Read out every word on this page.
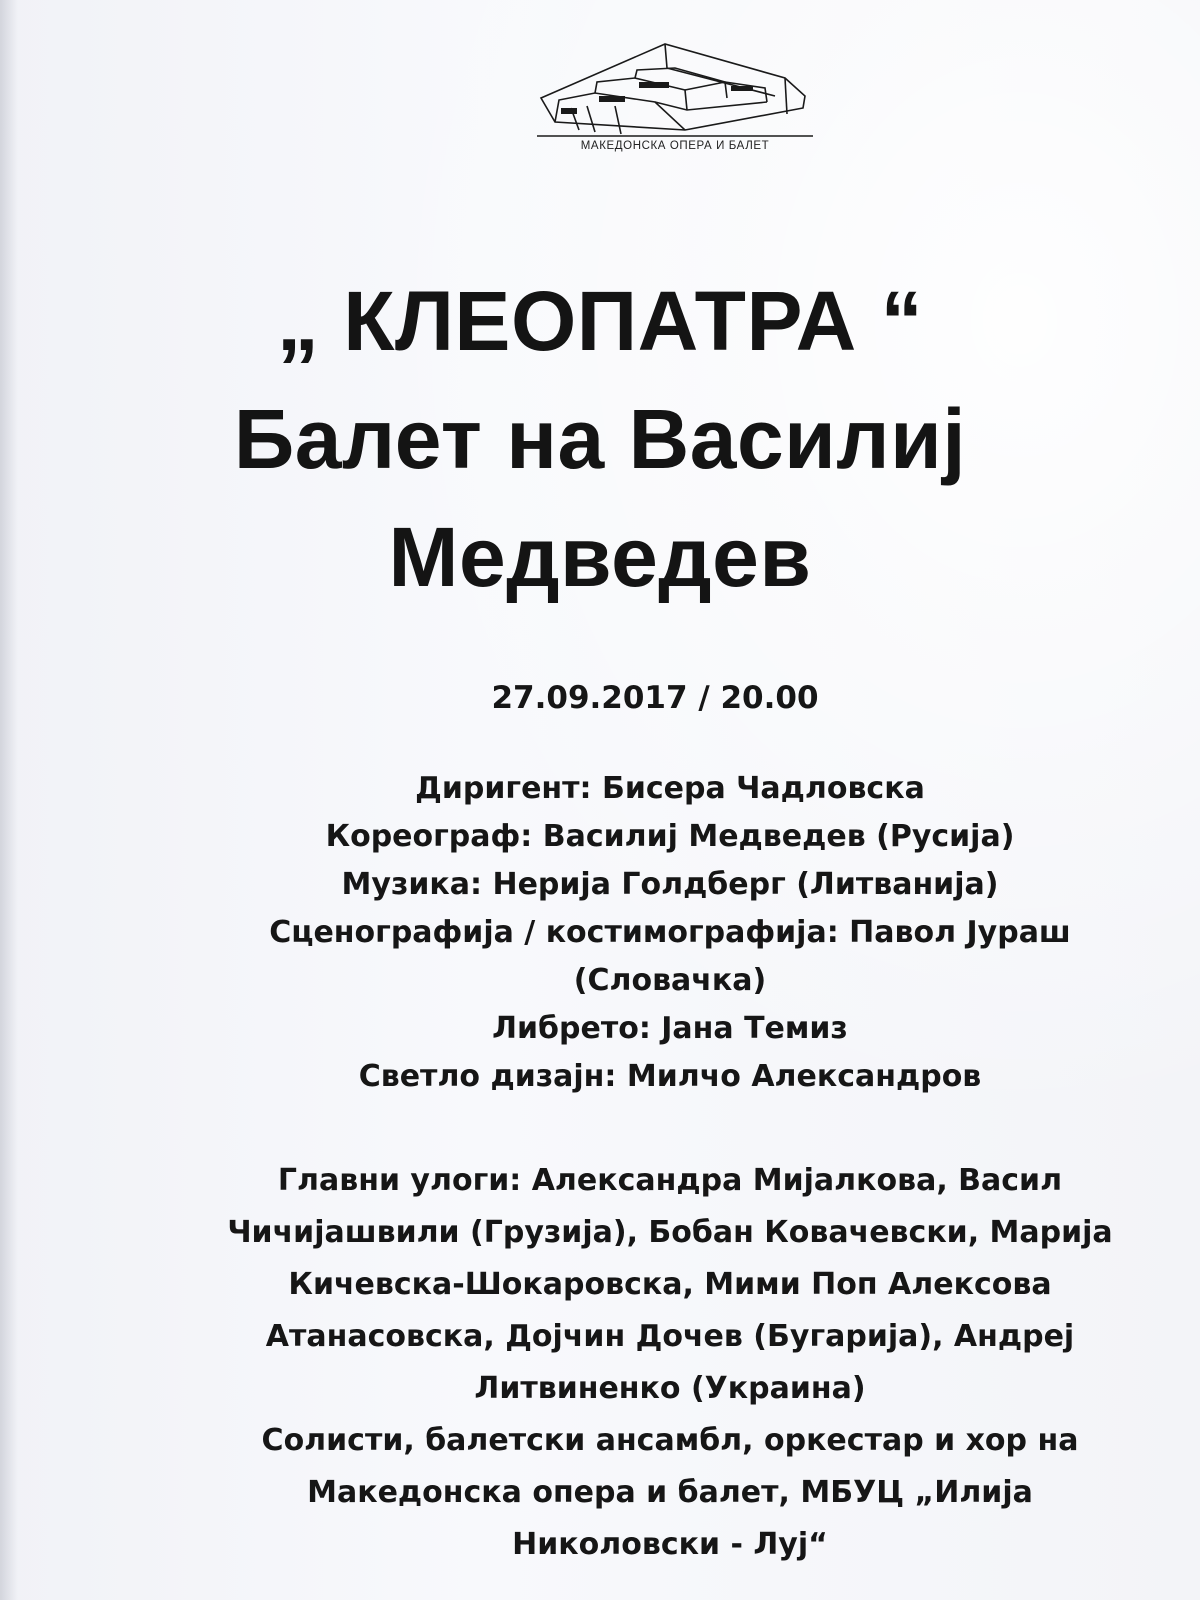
МАКЕДОНСКА ОПЕРА И БАЛЕТ
„ КЛЕОПАТРА “
Балет на Василиј
Медведев
27.09.2017 / 20.00
Диригент: Бисера Чадловска
Кореограф: Василиј Медведев (Русија)
Музика: Нерија Голдберг (Литванија)
Сценографија / костимографија: Павол Јураш
(Словачка)
Либрето: Јана Темиз
Светло дизајн: Милчо Александров
Главни улоги: Александра Мијалкова, Васил
Чичијашвили (Грузија), Бобан Ковачевски, Марија
Кичевска-Шокаровска, Мими Поп Алексова
Атанасовска, Дојчин Дочев (Бугарија), Андреј
Литвиненко (Украина)
Солисти, балетски ансамбл, оркестар и хор на
Македонска опера и балет, МБУЦ „Илија
Николовски - Луј“
